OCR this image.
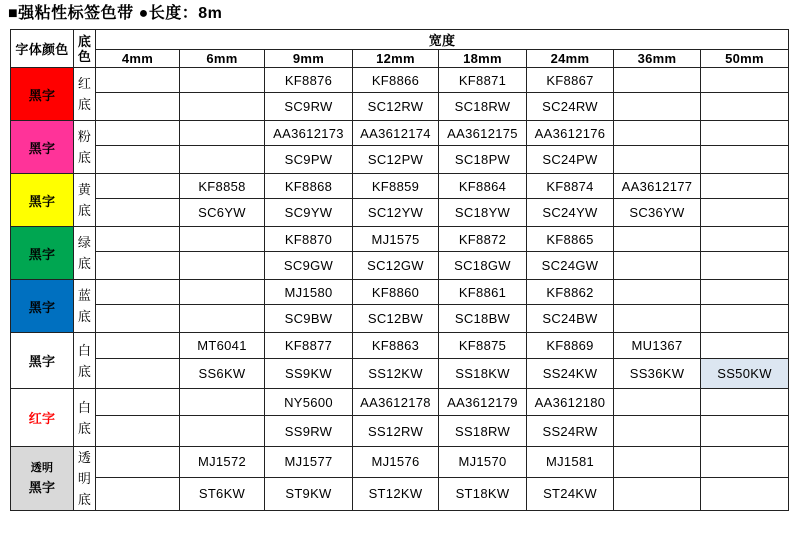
■强粘性标签色带 ●长度：8m
字体颜色	底色	宽度							
		4mm	6mm	9mm	12mm	18mm	24mm	36mm	50mm

黑字	红底			KF8876	KF8866	KF8871	KF8867		
				SC9RW	SC12RW	SC18RW	SC24RW		

黑字	粉底			AA3612173	AA3612174	AA3612175	AA3612176		
				SC9PW	SC12PW	SC18PW	SC24PW		

黑字	黄底		KF8858	KF8868	KF8859	KF8864	KF8874	AA3612177	
			SC6YW	SC9YW	SC12YW	SC18YW	SC24YW	SC36YW	

黑字	绿底			KF8870	MJ1575	KF8872	KF8865		
				SC9GW	SC12GW	SC18GW	SC24GW		

黑字	蓝底			MJ1580	KF8860	KF8861	KF8862		
				SC9BW	SC12BW	SC18BW	SC24BW		

黑字	白底		MT6041	KF8877	KF8863	KF8875	KF8869	MU1367	
			SS6KW	SS9KW	SS12KW	SS18KW	SS24KW	SS36KW	SS50KW

红字	白底			NY5600	AA3612178	AA3612179	AA3612180		
				SS9RW	SS12RW	SS18RW	SS24RW		

透明
黑字	透明底		MJ1572	MJ1577	MJ1576	MJ1570	MJ1581		
			ST6KW	ST9KW	ST12KW	ST18KW	ST24KW		
